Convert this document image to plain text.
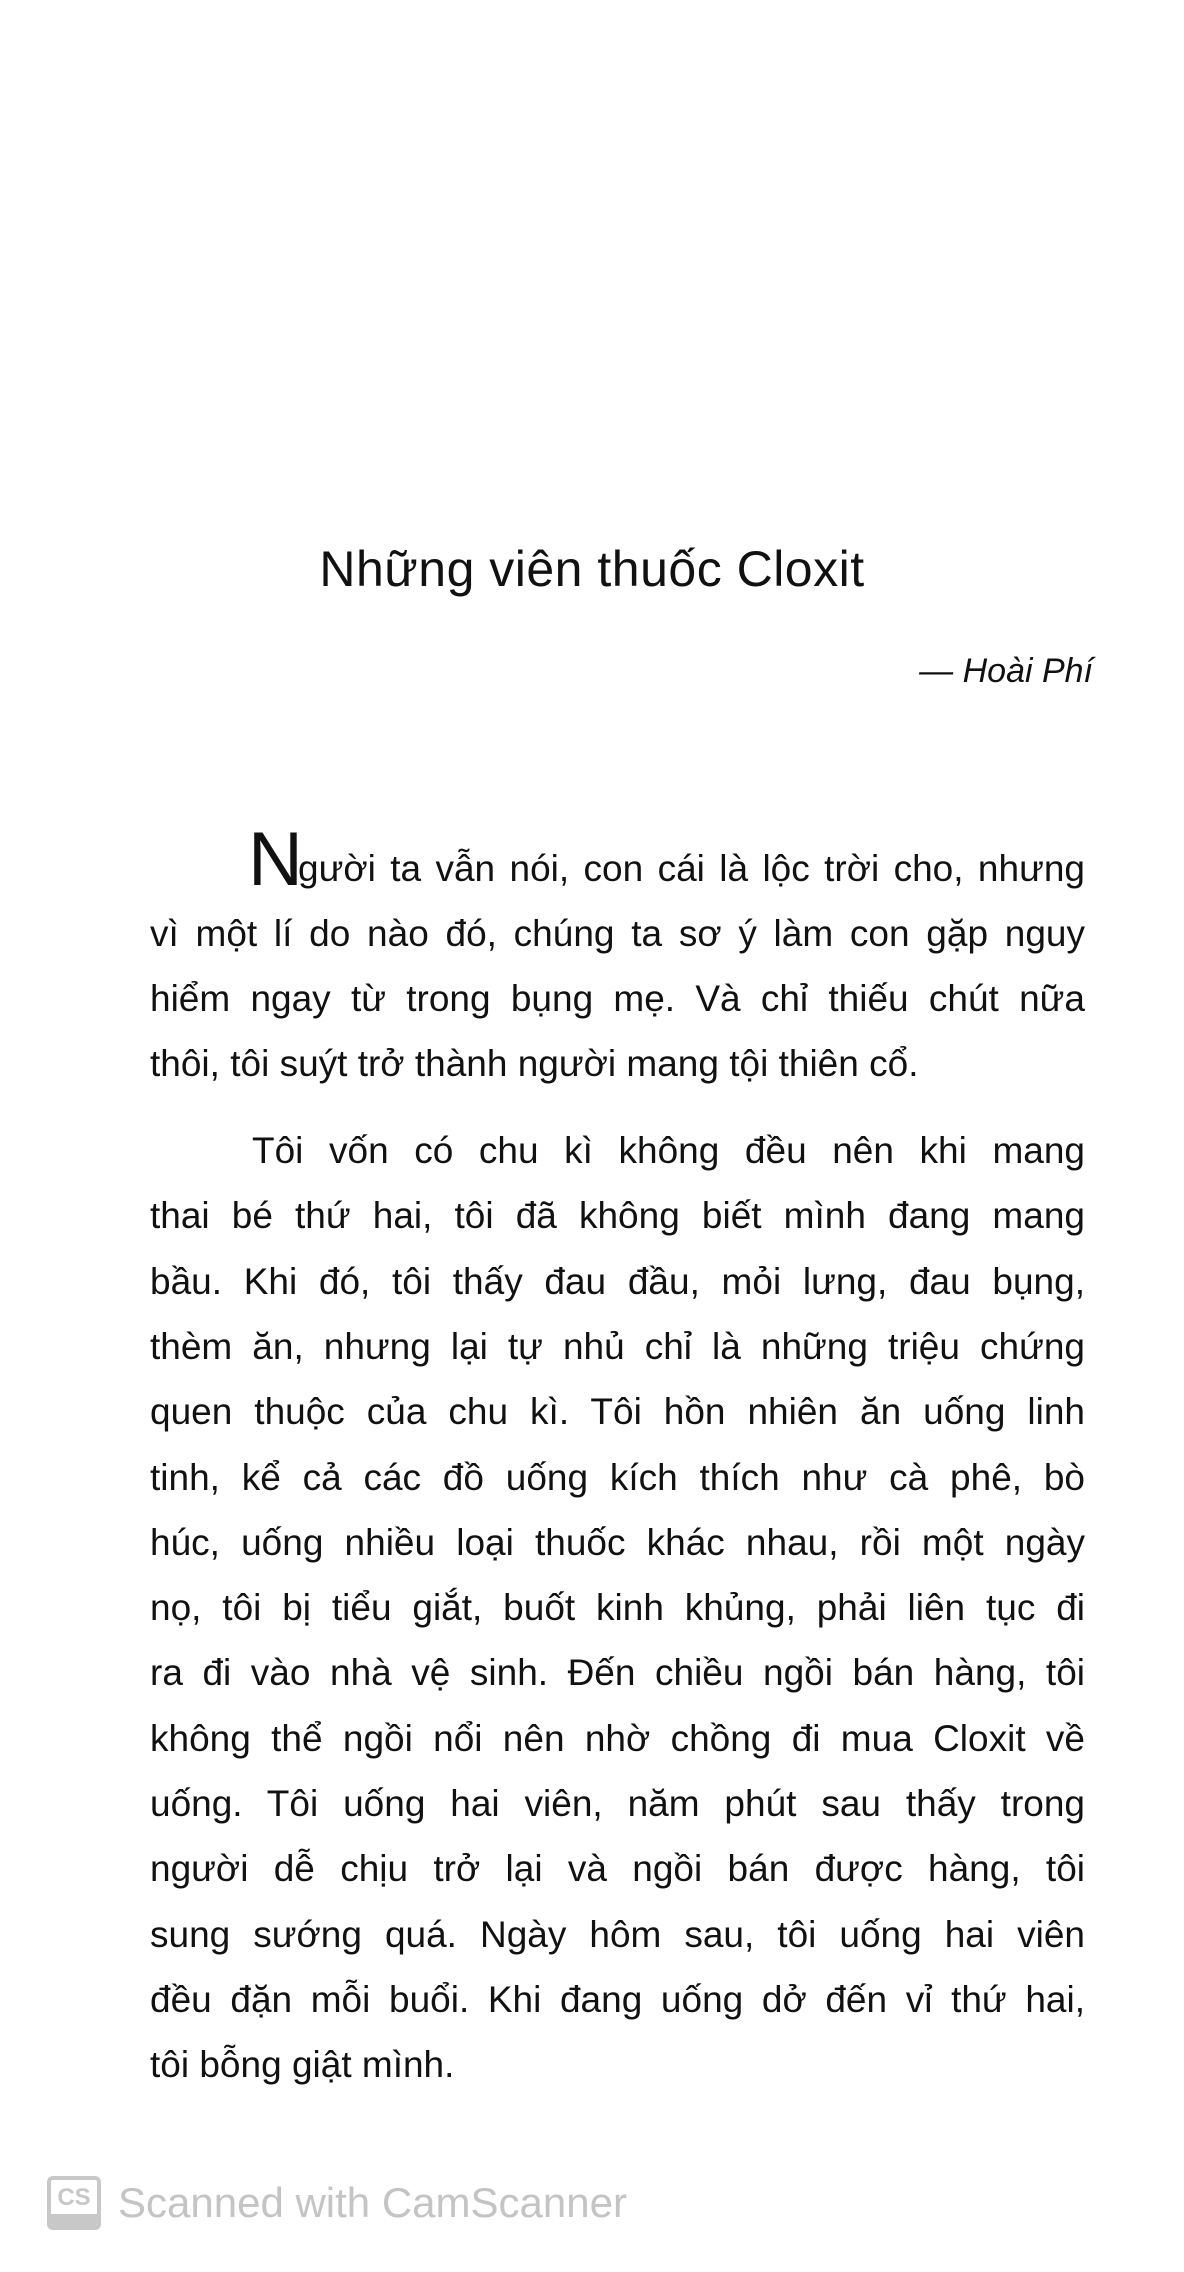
Những viên thuốc Cloxit
— Hoài Phí
N
gười ta vẫn nói, con cái là lộc trời cho, nhưng
vì một lí do nào đó, chúng ta sơ ý làm con gặp nguy
hiểm ngay từ trong bụng mẹ. Và chỉ thiếu chút nữa
thôi, tôi suýt trở thành người mang tội thiên cổ.
Tôi vốn có chu kì không đều nên khi mang
thai bé thứ hai, tôi đã không biết mình đang mang
bầu. Khi đó, tôi thấy đau đầu, mỏi lưng, đau bụng,
thèm ăn, nhưng lại tự nhủ chỉ là những triệu chứng
quen thuộc của chu kì. Tôi hồn nhiên ăn uống linh
tinh, kể cả các đồ uống kích thích như cà phê, bò
húc, uống nhiều loại thuốc khác nhau, rồi một ngày
nọ, tôi bị tiểu giắt, buốt kinh khủng, phải liên tục đi
ra đi vào nhà vệ sinh. Đến chiều ngồi bán hàng, tôi
không thể ngồi nổi nên nhờ chồng đi mua Cloxit về
uống. Tôi uống hai viên, năm phút sau thấy trong
người dễ chịu trở lại và ngồi bán được hàng, tôi
sung sướng quá. Ngày hôm sau, tôi uống hai viên
đều đặn mỗi buổi. Khi đang uống dở đến vỉ thứ hai,
tôi bỗng giật mình.
CS Scanned with CamScanner
